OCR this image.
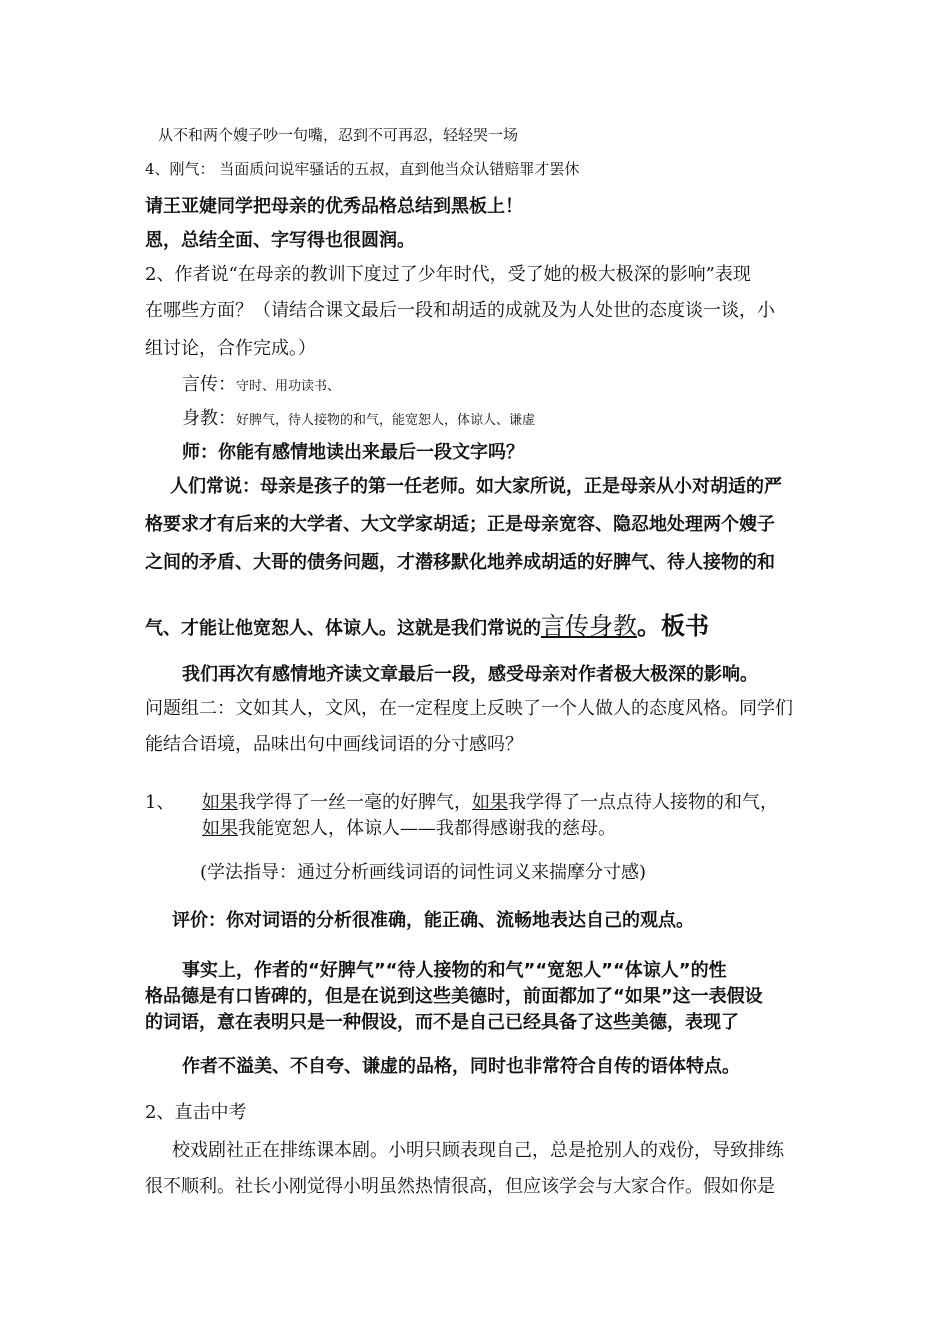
从不和两个嫂子吵一句嘴，忍到不可再忍，轻轻哭一场
4、刚气： 当面质问说牢骚话的五叔，直到他当众认错赔罪才罢休
请王亚婕同学把母亲的优秀品格总结到黑板上！
恩，总结全面、字写得也很圆润。
2、作者说“在母亲的教训下度过了少年时代，受了她的极大极深的影响”表现
在哪些方面？（请结合课文最后一段和胡适的成就及为人处世的态度谈一谈，小
组讨论，合作完成。）
言传：守时、用功读书、
身教：好脾气，待人接物的和气，能宽恕人，体谅人、谦虚
师：你能有感情地读出来最后一段文字吗？
人们常说：母亲是孩子的第一任老师。如大家所说，正是母亲从小对胡适的严
格要求才有后来的大学者、大文学家胡适；正是母亲宽容、隐忍地处理两个嫂子
之间的矛盾、大哥的债务问题，才潜移默化地养成胡适的好脾气、待人接物的和
气、才能让他宽恕人、体谅人。这就是我们常说的言传身教。板书
我们再次有感情地齐读文章最后一段，感受母亲对作者极大极深的影响。
问题组二：文如其人，文风，在一定程度上反映了一个人做人的态度风格。同学们
能结合语境，品味出句中画线词语的分寸感吗？
1、 如果我学得了一丝一毫的好脾气，如果我学得了一点点待人接物的和气，
如果我能宽恕人，体谅人——我都得感谢我的慈母。
(学法指导：通过分析画线词语的词性词义来揣摩分寸感)
评价：你对词语的分析很准确，能正确、流畅地表达自己的观点。
事实上，作者的“好脾气”“待人接物的和气”“宽恕人”“体谅人”的性
格品德是有口皆碑的，但是在说到这些美德时，前面都加了“如果”这一表假设
的词语，意在表明只是一种假设，而不是自己已经具备了这些美德，表现了
作者不溢美、不自夸、谦虚的品格，同时也非常符合自传的语体特点。
2、直击中考
校戏剧社正在排练课本剧。小明只顾表现自己，总是抢别人的戏份，导致排练
很不顺利。社长小刚觉得小明虽然热情很高，但应该学会与大家合作。假如你是
